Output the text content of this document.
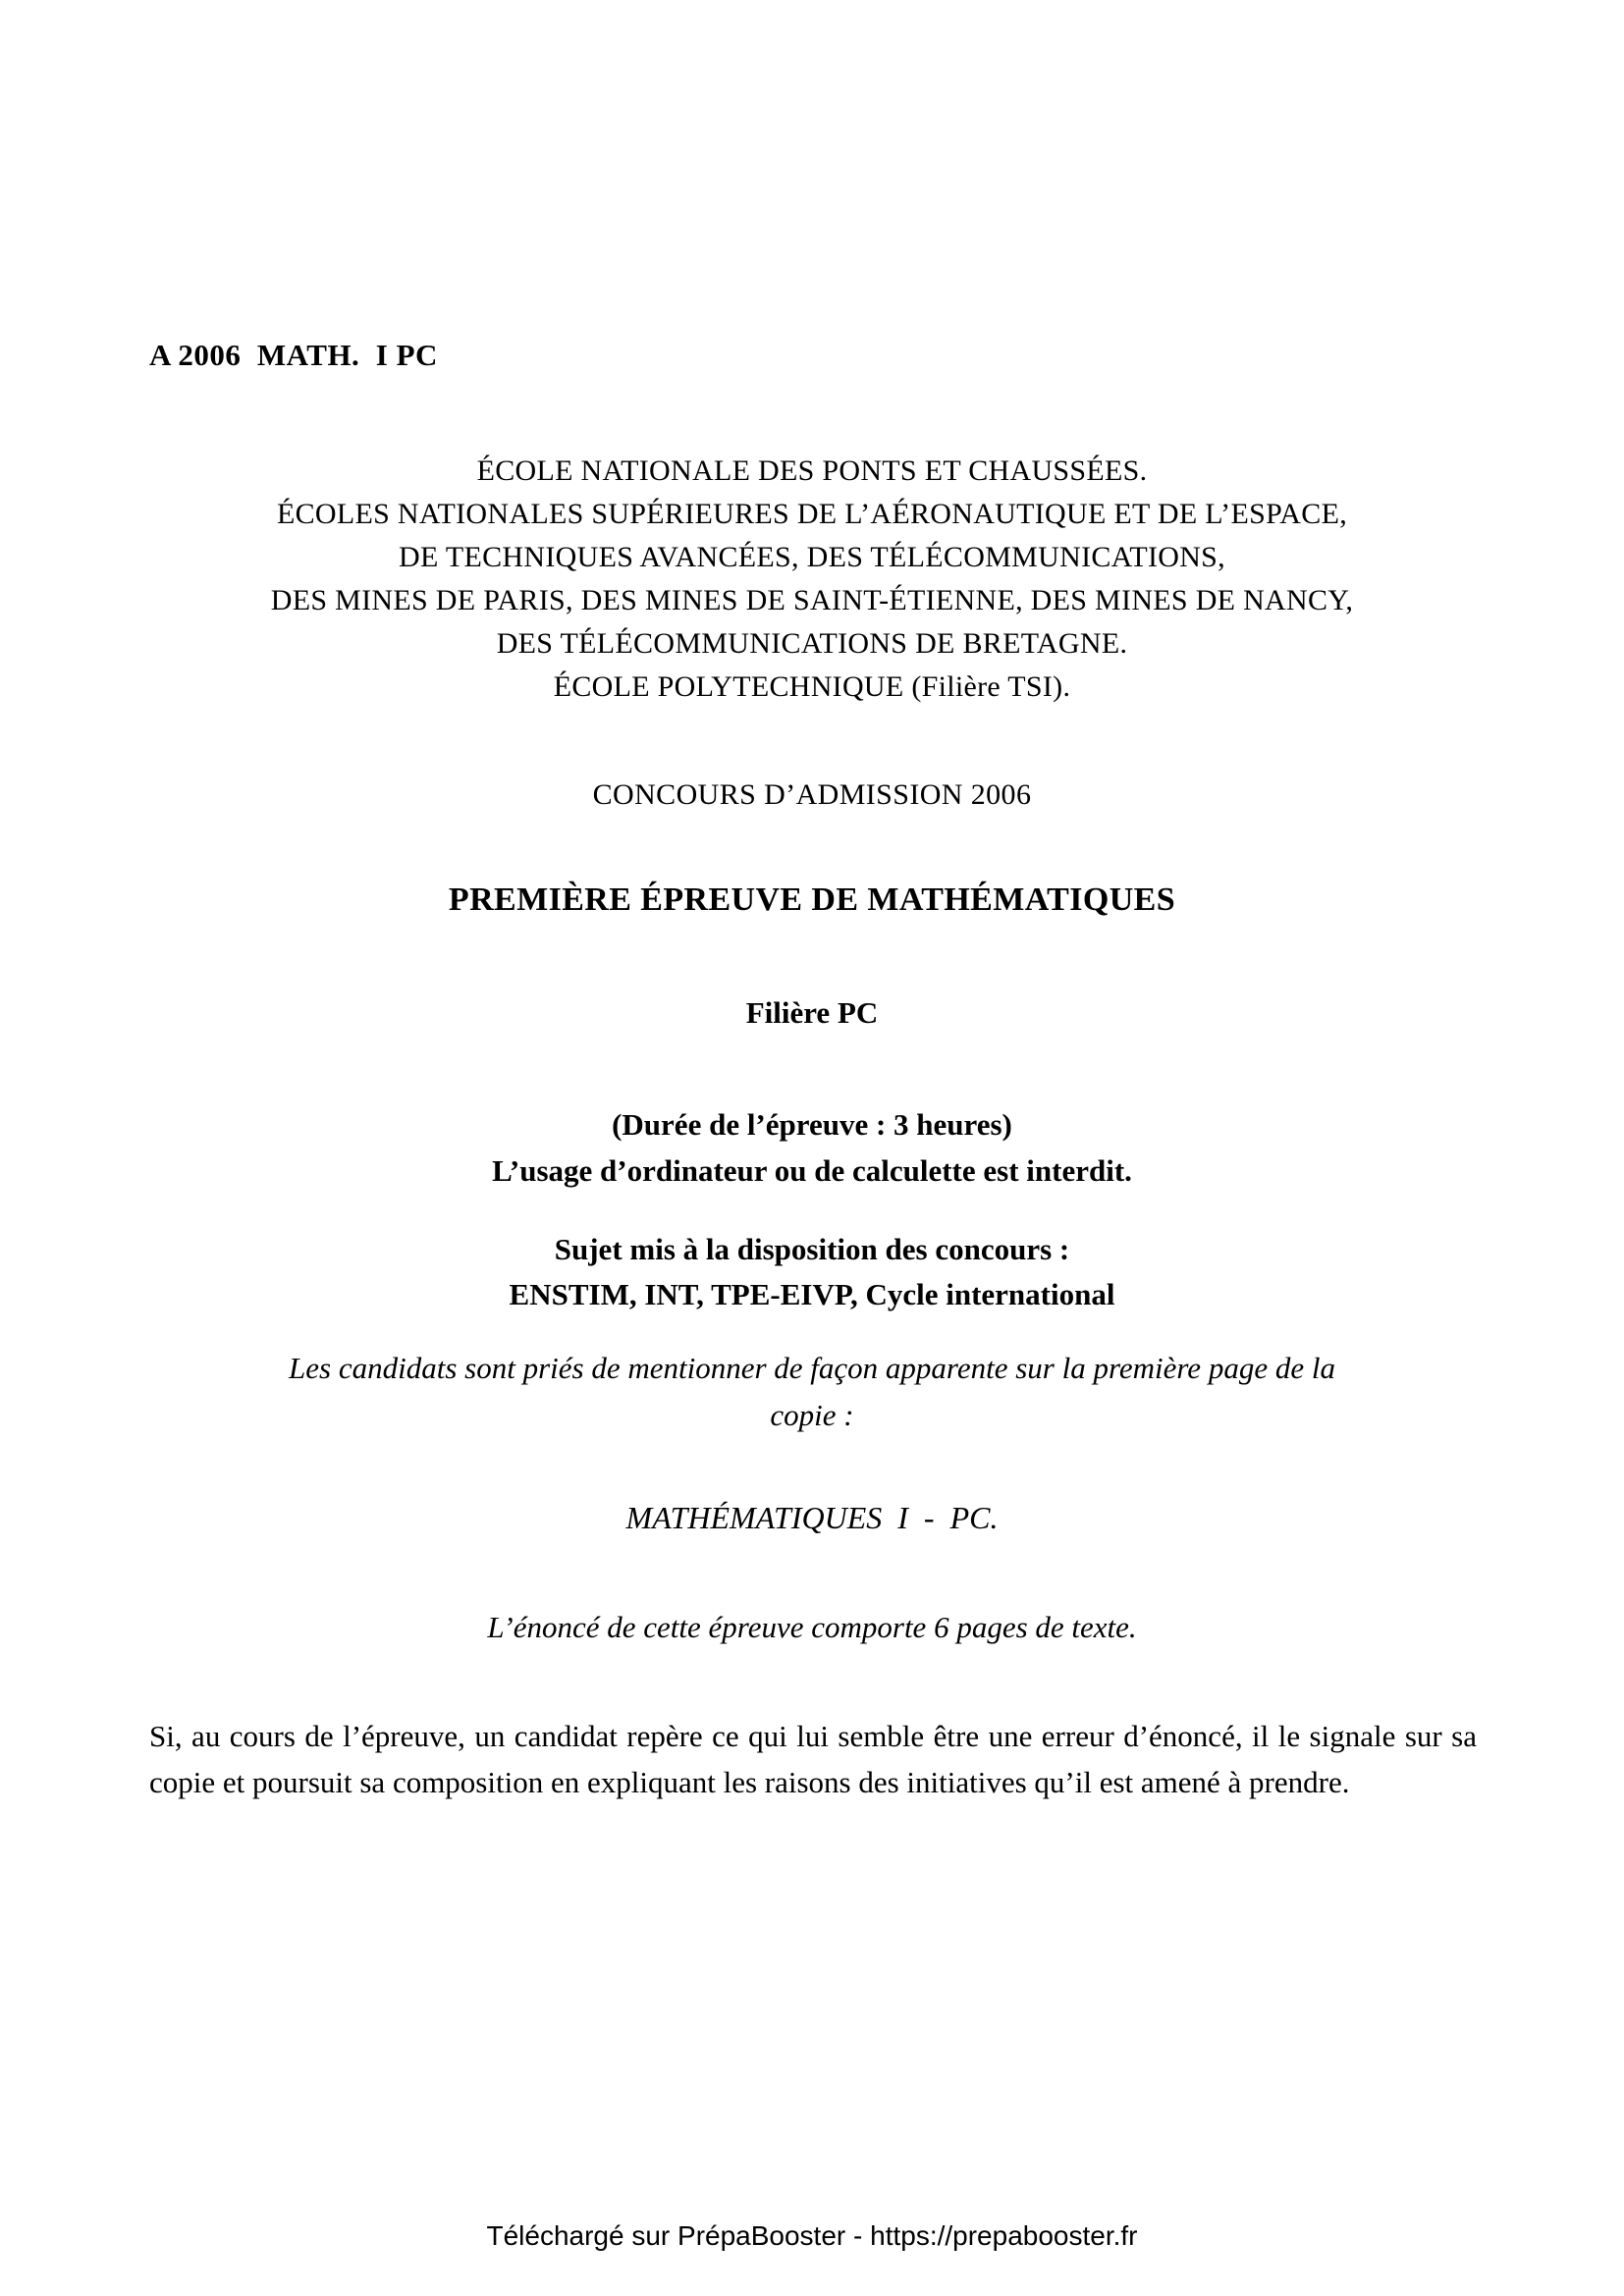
A 2006  MATH.  I PC
ÉCOLE NATIONALE DES PONTS ET CHAUSSÉES.
ÉCOLES NATIONALES SUPÉRIEURES DE L’AÉRONAUTIQUE ET DE L’ESPACE,
DE TECHNIQUES AVANCÉES, DES TÉLÉCOMMUNICATIONS,
DES MINES DE PARIS, DES MINES DE SAINT-ÉTIENNE, DES MINES DE NANCY,
DES TÉLÉCOMMUNICATIONS DE BRETAGNE.
ÉCOLE POLYTECHNIQUE (Filière TSI).
CONCOURS D’ADMISSION 2006
PREMIÈRE ÉPREUVE DE MATHÉMATIQUES
Filière PC
(Durée de l’épreuve : 3 heures)
L’usage d’ordinateur ou de calculette est interdit.
Sujet mis à la disposition des concours :
ENSTIM, INT, TPE-EIVP, Cycle international
Les candidats sont priés de mentionner de façon apparente sur la première page de la
copie :
MATHÉMATIQUES  I  -  PC.
L’énoncé de cette épreuve comporte 6 pages de texte.
Si, au cours de l’épreuve, un candidat repère ce qui lui semble être une erreur d’énoncé, il le signale sur sa copie et poursuit sa composition en expliquant les raisons des initiatives qu’il est amené à prendre.
Téléchargé sur PrépaBooster - https://prepabooster.fr
